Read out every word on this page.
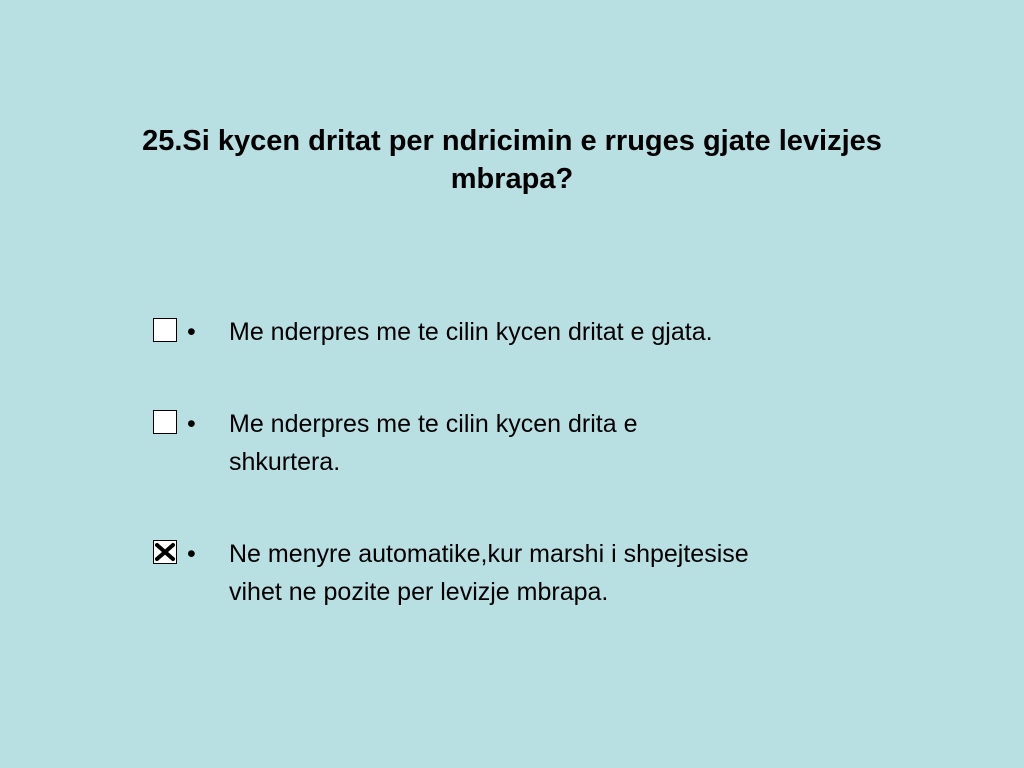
25.Si kycen dritat per ndricimin e rruges gjate levizjes
mbrapa?
• Me nderpres me te cilin kycen dritat e gjata.
• Me nderpres me te cilin kycen drita e
shkurtera.
• Ne menyre automatike,kur marshi i shpejtesise
vihet ne pozite per levizje mbrapa.
